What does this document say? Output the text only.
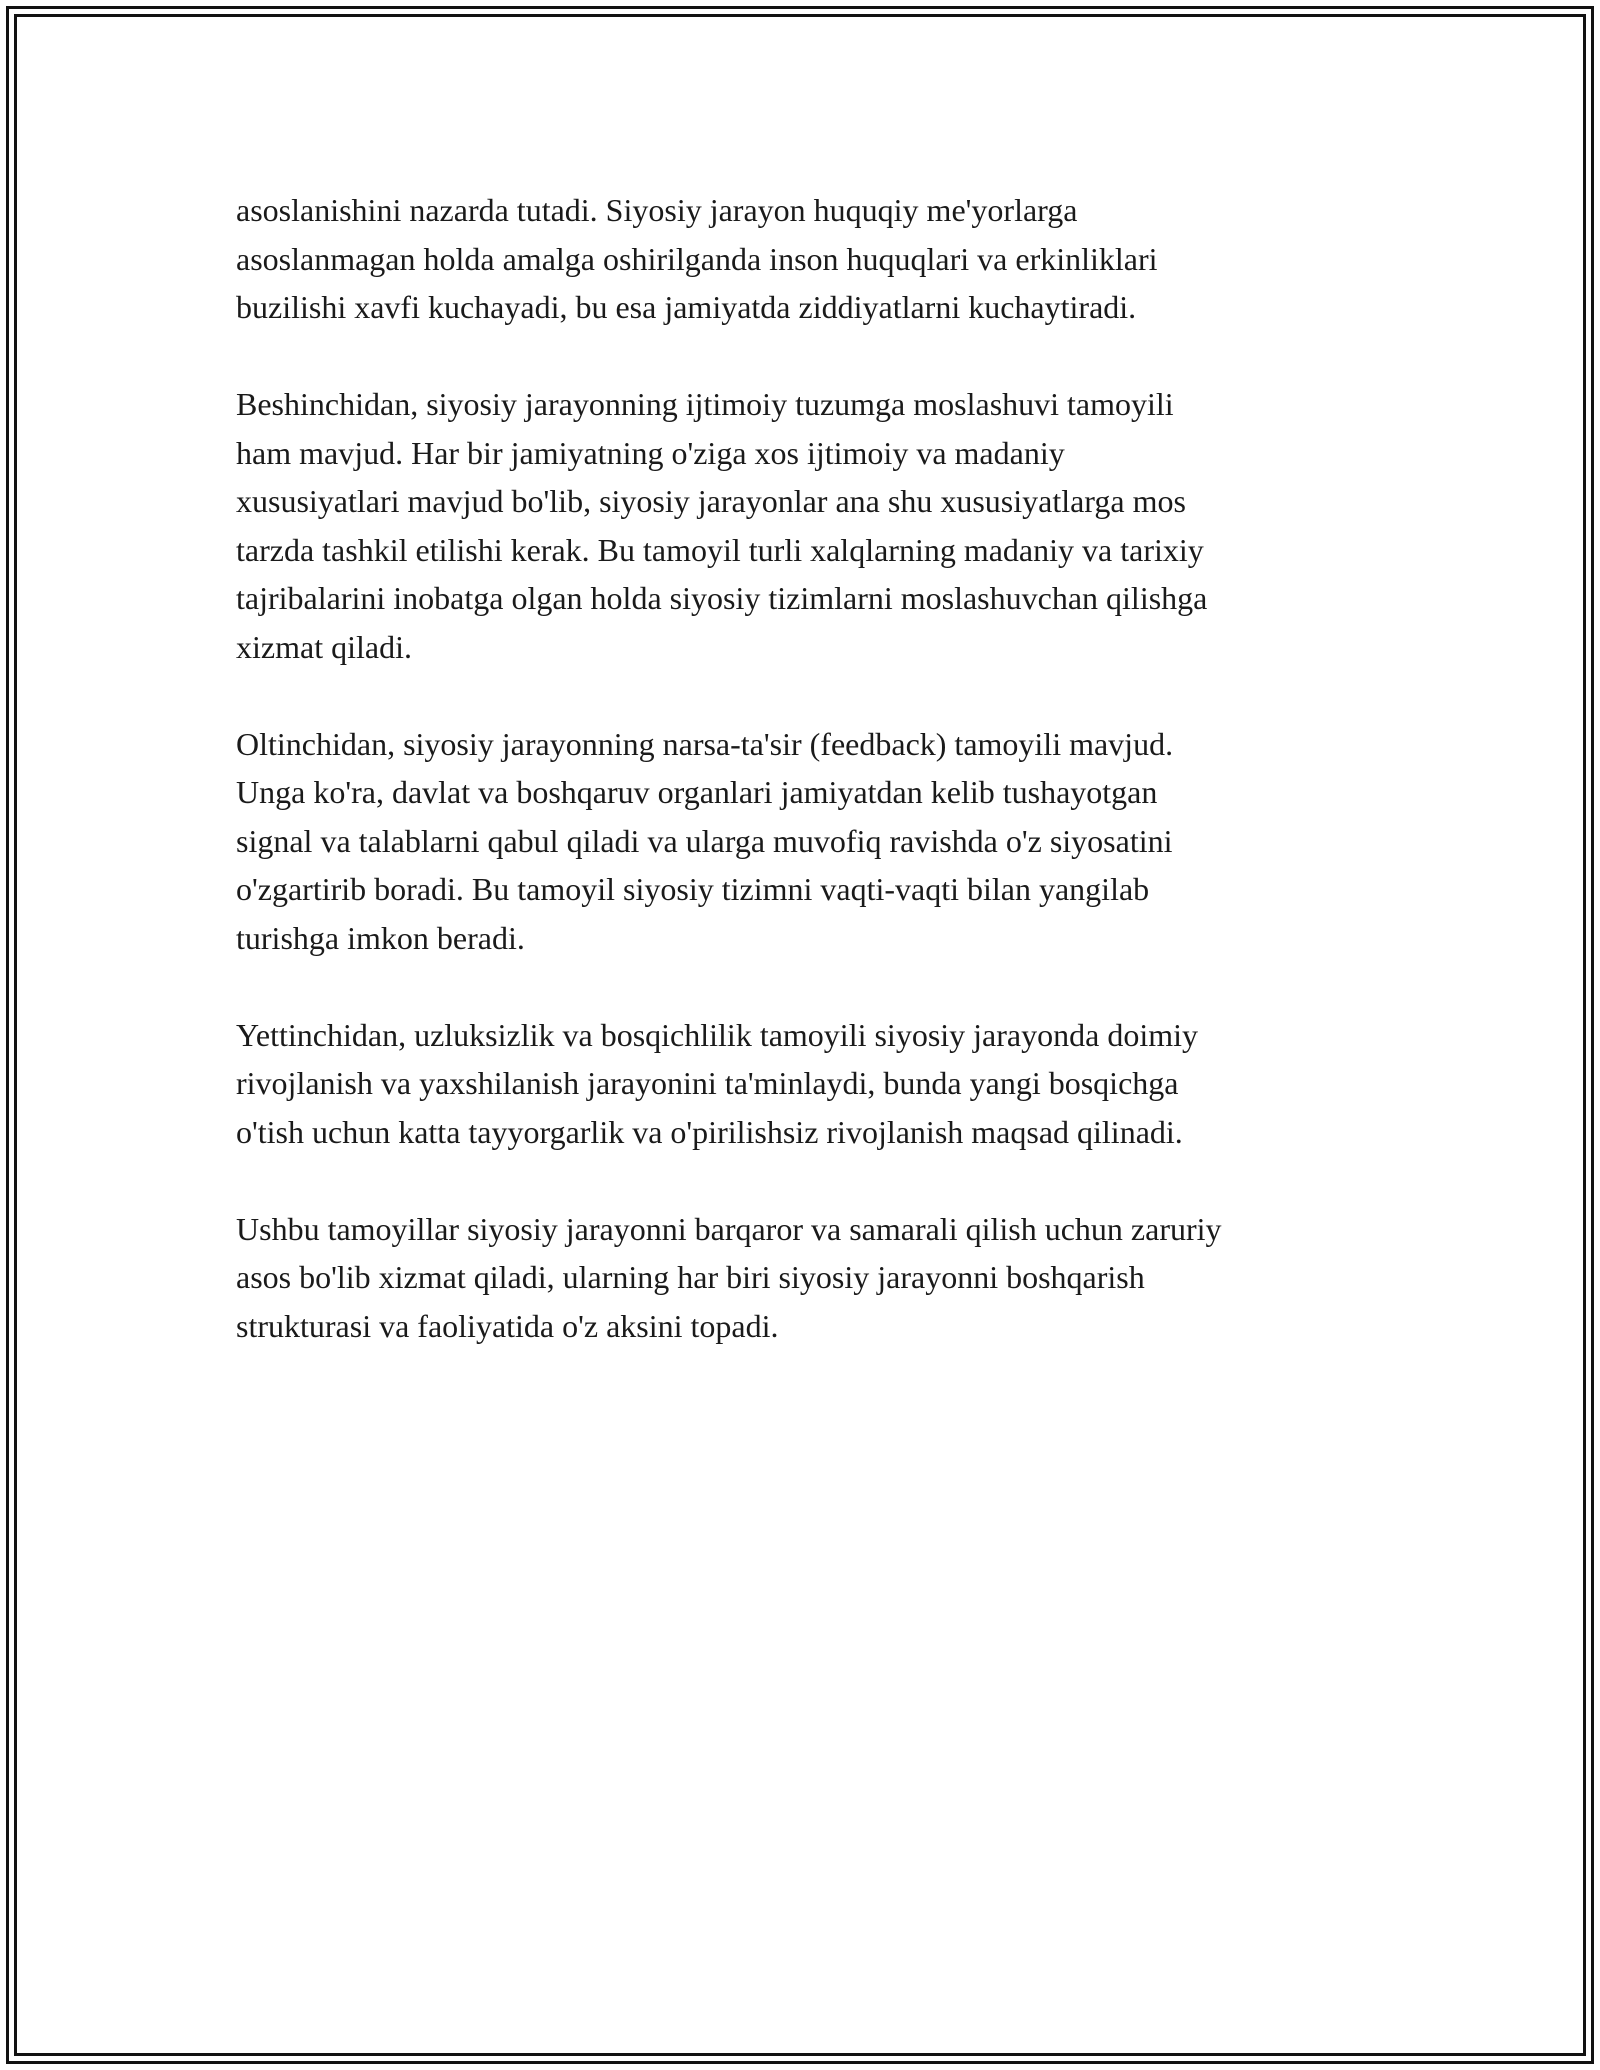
asoslanishini nazarda tutadi. Siyosiy jarayon huquqiy me'yorlarga
asoslanmagan holda amalga oshirilganda inson huquqlari va erkinliklari
buzilishi xavfi kuchayadi, bu esa jamiyatda ziddiyatlarni kuchaytiradi.

Beshinchidan, siyosiy jarayonning ijtimoiy tuzumga moslashuvi tamoyili
ham mavjud. Har bir jamiyatning o'ziga xos ijtimoiy va madaniy
xususiyatlari mavjud bo'lib, siyosiy jarayonlar ana shu xususiyatlarga mos
tarzda tashkil etilishi kerak. Bu tamoyil turli xalqlarning madaniy va tarixiy
tajribalarini inobatga olgan holda siyosiy tizimlarni moslashuvchan qilishga
xizmat qiladi.

Oltinchidan, siyosiy jarayonning narsa-ta'sir (feedback) tamoyili mavjud.
Unga ko'ra, davlat va boshqaruv organlari jamiyatdan kelib tushayotgan
signal va talablarni qabul qiladi va ularga muvofiq ravishda o'z siyosatini
o'zgartirib boradi. Bu tamoyil siyosiy tizimni vaqti-vaqti bilan yangilab
turishga imkon beradi.

Yettinchidan, uzluksizlik va bosqichlilik tamoyili siyosiy jarayonda doimiy
rivojlanish va yaxshilanish jarayonini ta'minlaydi, bunda yangi bosqichga
o'tish uchun katta tayyorgarlik va o'pirilishsiz rivojlanish maqsad qilinadi.

Ushbu tamoyillar siyosiy jarayonni barqaror va samarali qilish uchun zaruriy
asos bo'lib xizmat qiladi, ularning har biri siyosiy jarayonni boshqarish
strukturasi va faoliyatida o'z aksini topadi.
